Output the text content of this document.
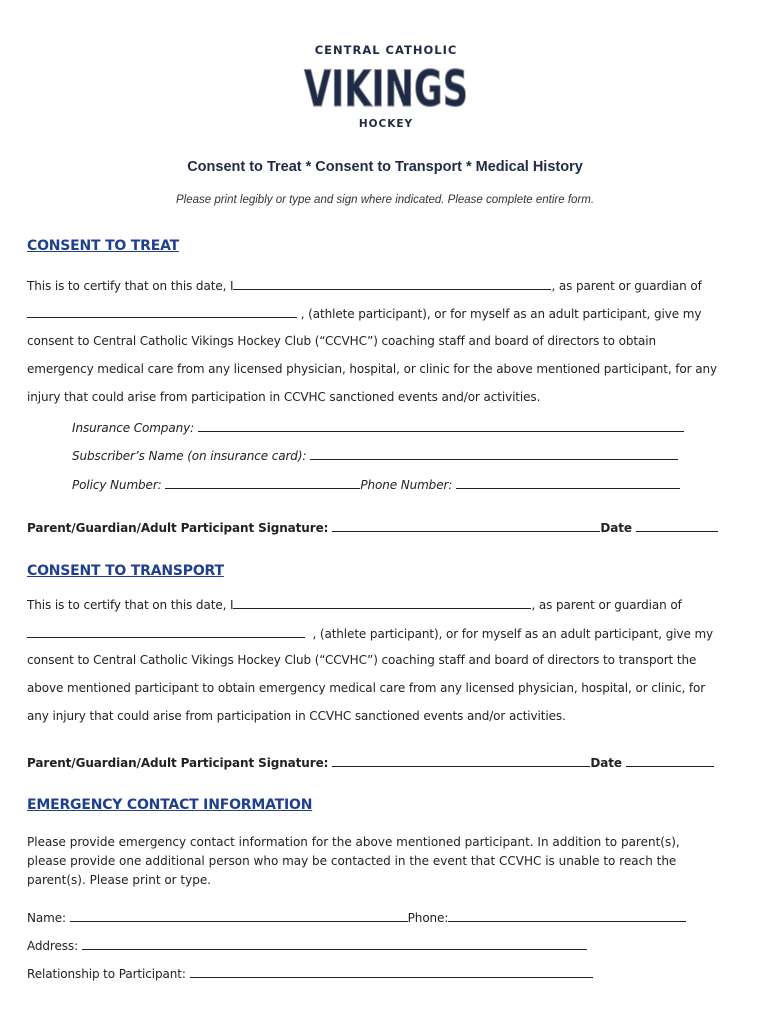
CENTRAL CATHOLIC
VIKINGS
HOCKEY
Consent to Treat * Consent to Transport * Medical History
Please print legibly or type and sign where indicated. Please complete entire form.
CONSENT TO TREAT
This is to certify that on this date, I	, as parent or guardian of
, (athlete participant), or for myself as an adult participant, give my
consent to Central Catholic Vikings Hockey Club (“CCVHC”) coaching staff and board of directors to obtain
emergency medical care from any licensed physician, hospital, or clinic for the above mentioned participant, for any
injury that could arise from participation in CCVHC sanctioned events and/or activities.
Insurance Company:
Subscriber’s Name (on insurance card):
Policy Number:	Phone Number:
Parent/Guardian/Adult Participant Signature:	Date
CONSENT TO TRANSPORT
This is to certify that on this date, I	, as parent or guardian of
, (athlete participant), or for myself as an adult participant, give my
consent to Central Catholic Vikings Hockey Club (“CCVHC”) coaching staff and board of directors to transport the
above mentioned participant to obtain emergency medical care from any licensed physician, hospital, or clinic, for
any injury that could arise from participation in CCVHC sanctioned events and/or activities.
Parent/Guardian/Adult Participant Signature:	Date
EMERGENCY CONTACT INFORMATION
Please provide emergency contact information for the above mentioned participant. In addition to parent(s), please provide one additional person who may be contacted in the event that CCVHC is unable to reach the parent(s). Please print or type.
Name:	Phone:
Address:
Relationship to Participant:
